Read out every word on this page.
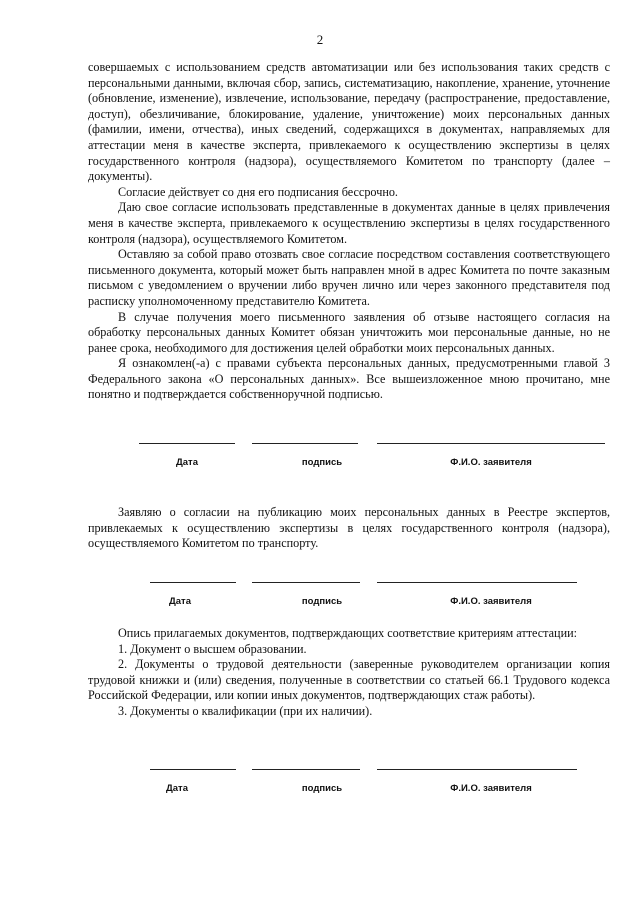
2

совершаемых с использованием средств автоматизации или без использования таких средств с персональными данными, включая сбор, запись, систематизацию, накопление, хранение, уточнение (обновление, изменение), извлечение, использование, передачу (распространение, предоставление, доступ), обезличивание, блокирование, удаление, уничтожение) моих персональных данных (фамилии, имени, отчества), иных сведений, содержащихся в документах, направляемых для аттестации меня в качестве эксперта, привлекаемого к осуществлению экспертизы в целях государственного контроля (надзора), осуществляемого Комитетом по транспорту (далее – документы).

Согласие действует со дня его подписания бессрочно.

Даю свое согласие использовать представленные в документах данные в целях привлечения меня в качестве эксперта, привлекаемого к осуществлению экспертизы в целях государственного контроля (надзора), осуществляемого Комитетом.

Оставляю за собой право отозвать свое согласие посредством составления соответствующего письменного документа, который может быть направлен мной в адрес Комитета по почте заказным письмом с уведомлением о вручении либо вручен лично или через законного представителя под расписку уполномоченному представителю Комитета.

В случае получения моего письменного заявления об отзыве настоящего согласия на обработку персональных данных Комитет обязан уничтожить мои персональные данные, но не ранее срока, необходимого для достижения целей обработки моих персональных данных.

Я ознакомлен(-а) с правами субъекта персональных данных, предусмотренными главой 3 Федерального закона «О персональных данных». Все вышеизложенное мною прочитано, мне понятно и подтверждается собственноручной подписью.

Дата	подпись	Ф.И.О. заявителя

Заявляю о согласии на публикацию моих персональных данных в Реестре экспертов, привлекаемых к осуществлению экспертизы в целях государственного контроля (надзора), осуществляемого Комитетом по транспорту.

Дата	подпись	Ф.И.О. заявителя

Опись прилагаемых документов, подтверждающих соответствие критериям аттестации:

1. Документ о высшем образовании.

2. Документы о трудовой деятельности (заверенные руководителем организации копия трудовой книжки и (или) сведения, полученные в соответствии со статьей 66.1 Трудового кодекса Российской Федерации, или копии иных документов, подтверждающих стаж работы).

3. Документы о квалификации (при их наличии).

Дата	подпись	Ф.И.О. заявителя
